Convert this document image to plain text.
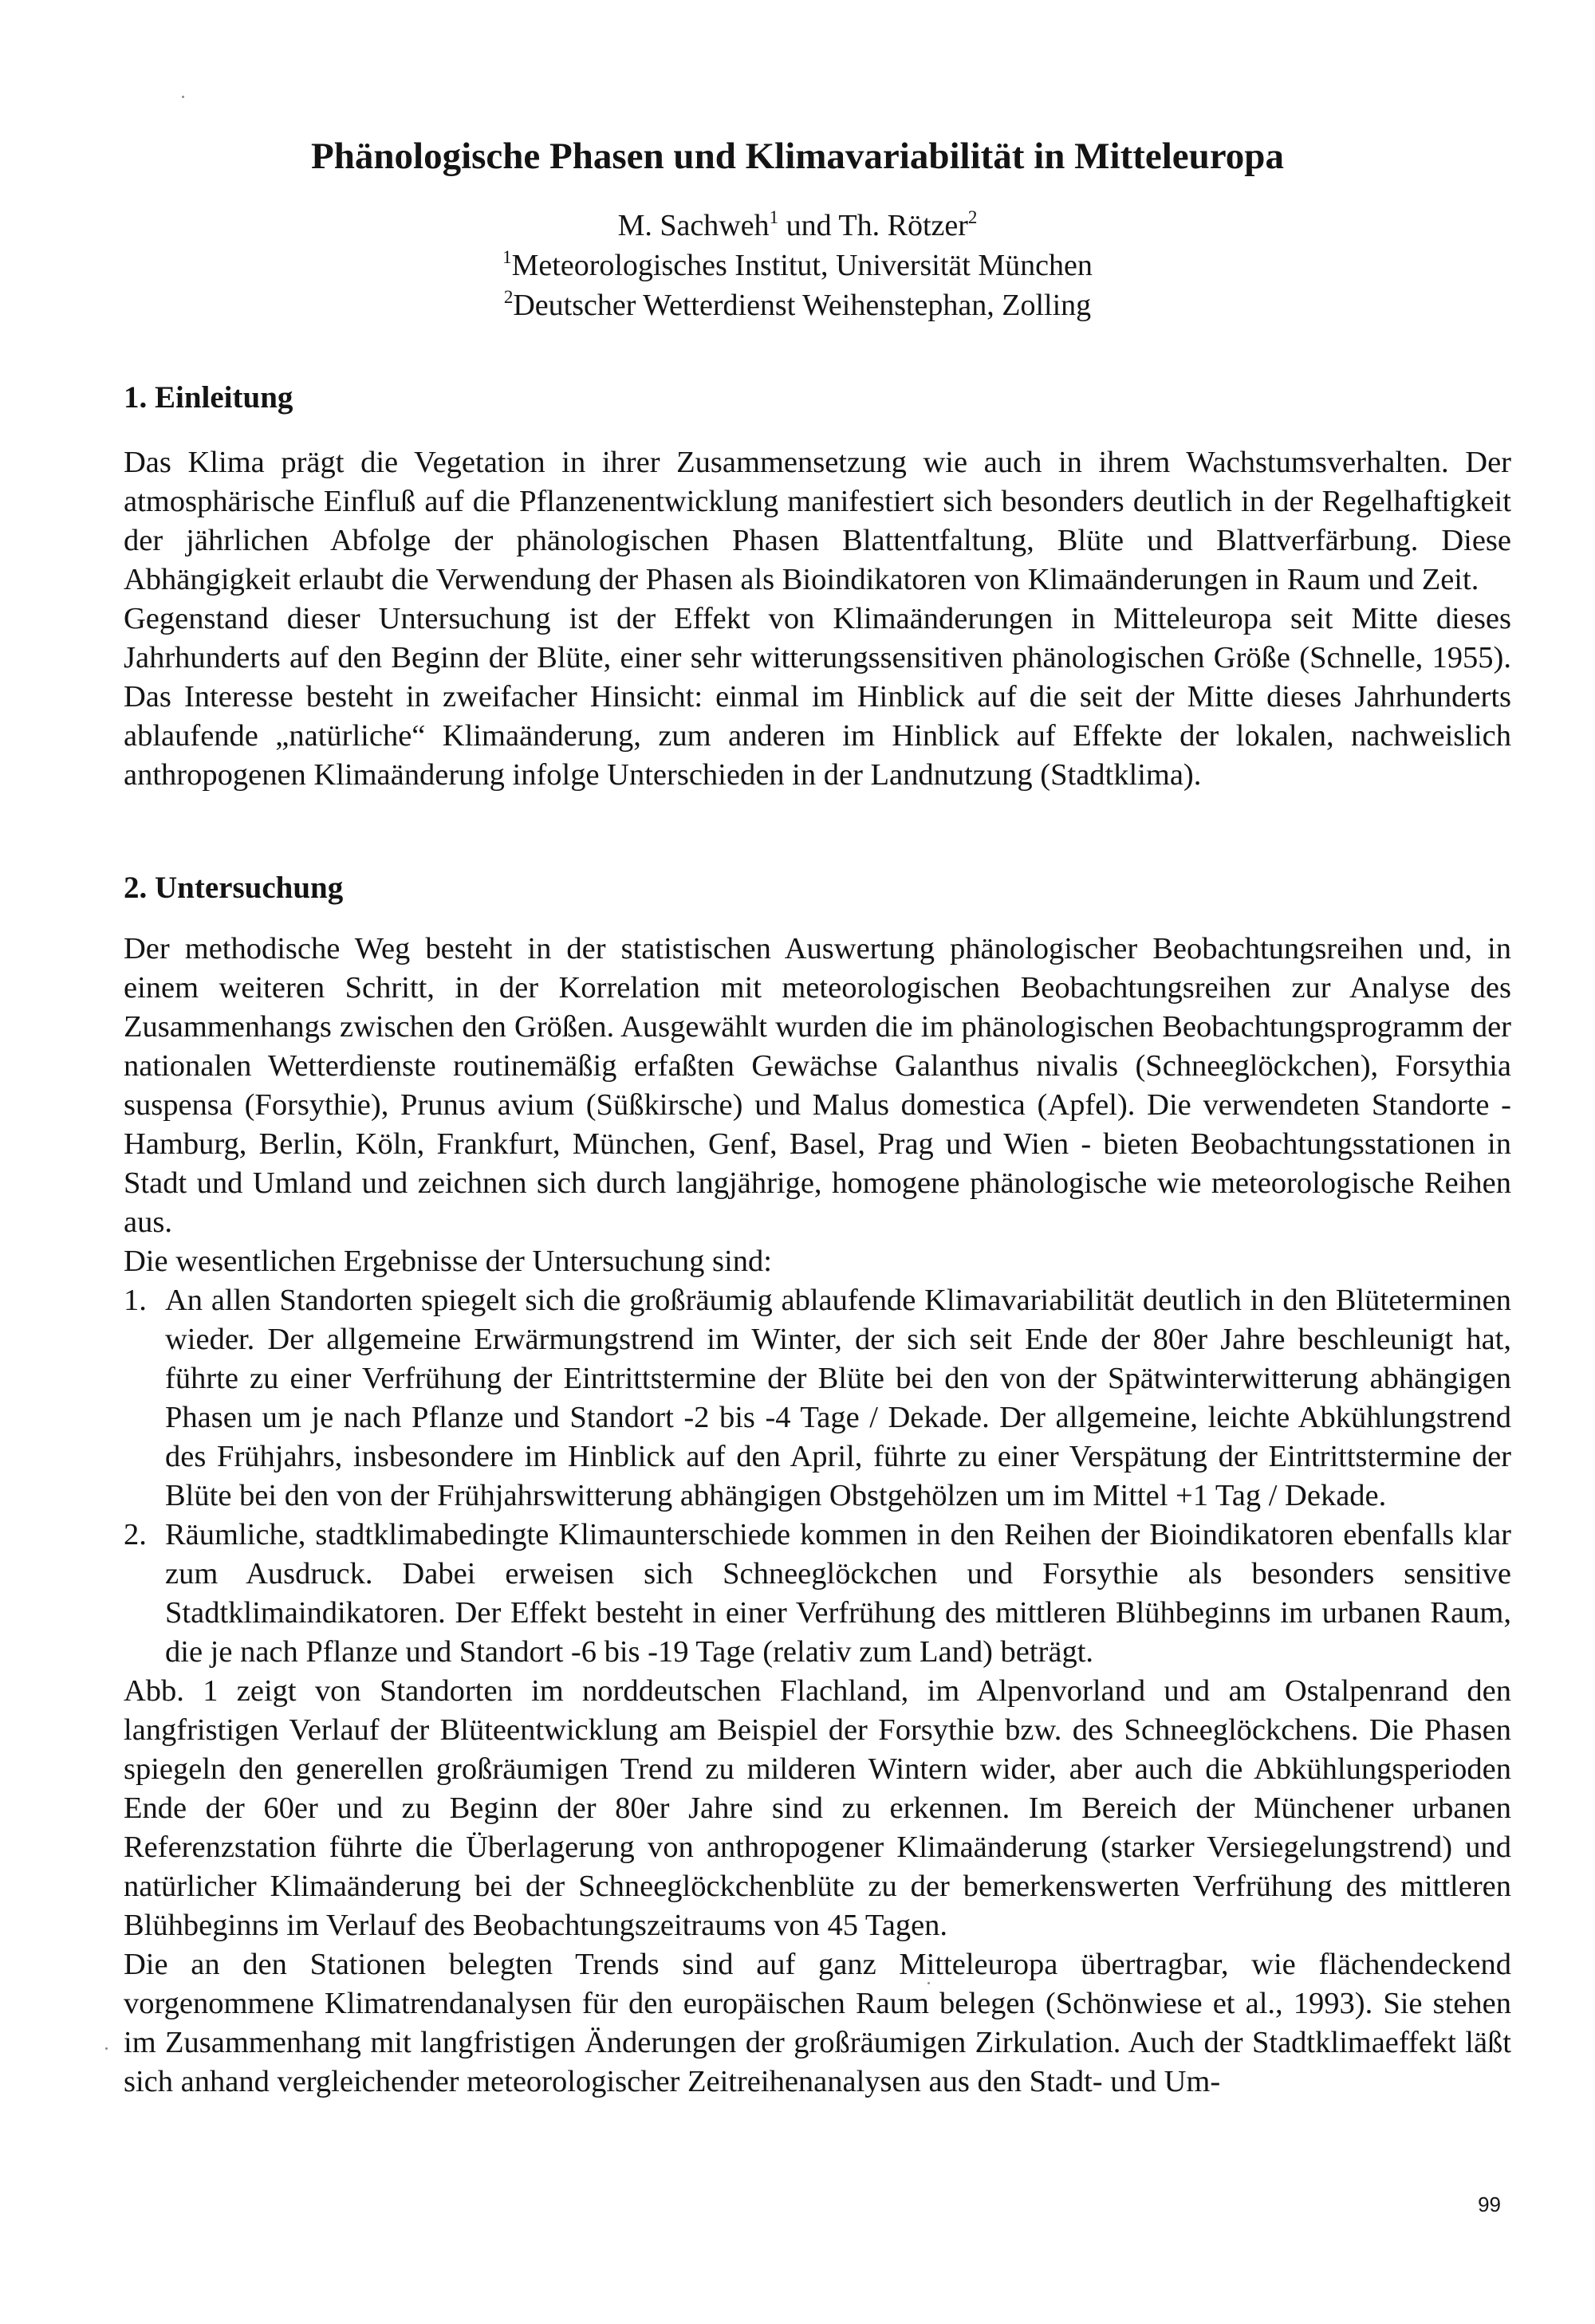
Phänologische Phasen und Klimavariabilität in Mitteleuropa
M. Sachweh$^1$ und Th. Rötzer$^2$
$^1$Meteorologisches Institut, Universität München
$^2$Deutscher Wetterdienst Weihenstephan, Zolling
1. Einleitung

Das Klima prägt die Vegetation in ihrer Zusammensetzung wie auch in ihrem Wachstumsverhalten. Der atmosphärische Einfluß auf die Pflanzenentwicklung manifestiert sich besonders deutlich in der Regelhaftigkeit der jährlichen Abfolge der phänologischen Phasen Blattentfaltung, Blüte und Blattverfärbung. Diese Abhängigkeit erlaubt die Verwendung der Phasen als Bioindikatoren von Klimaänderungen in Raum und Zeit.

Gegenstand dieser Untersuchung ist der Effekt von Klimaänderungen in Mitteleuropa seit Mitte dieses Jahrhunderts auf den Beginn der Blüte, einer sehr witterungssensitiven phänologischen Größe (Schnelle, 1955). Das Interesse besteht in zweifacher Hinsicht: einmal im Hinblick auf die seit der Mitte dieses Jahrhunderts ablaufende „natürliche“ Klimaänderung, zum anderen im Hinblick auf Effekte der lokalen, nachweislich anthropogenen Klimaänderung infolge Unterschieden in der Landnutzung (Stadtklima).

2. Untersuchung

Der methodische Weg besteht in der statistischen Auswertung phänologischer Beobachtungsreihen und, in einem weiteren Schritt, in der Korrelation mit meteorologischen Beobachtungsreihen zur Analyse des Zusammenhangs zwischen den Größen. Ausgewählt wurden die im phänologischen Beobachtungsprogramm der nationalen Wetterdienste routinemäßig erfaßten Gewächse Galanthus nivalis (Schneeglöckchen), Forsythia suspensa (Forsythie), Prunus avium (Süßkirsche) und Malus domestica (Apfel). Die verwendeten Standorte - Hamburg, Berlin, Köln, Frankfurt, München, Genf, Basel, Prag und Wien - bieten Beobachtungsstationen in Stadt und Umland und zeichnen sich durch langjährige, homogene phänologische wie meteorologische Reihen aus.

Die wesentlichen Ergebnisse der Untersuchung sind:

1. An allen Standorten spiegelt sich die großräumig ablaufende Klimavariabilität deutlich in den Blüteterminen wieder. Der allgemeine Erwärmungstrend im Winter, der sich seit Ende der 80er Jahre beschleunigt hat, führte zu einer Verfrühung der Eintrittstermine der Blüte bei den von der Spätwinterwitterung abhängigen Phasen um je nach Pflanze und Standort -2 bis -4 Tage / Dekade. Der allgemeine, leichte Abkühlungstrend des Frühjahrs, insbesondere im Hinblick auf den April, führte zu einer Verspätung der Eintrittstermine der Blüte bei den von der Frühjahrswitterung abhängigen Obstgehölzen um im Mittel +1 Tag / Dekade.
2. Räumliche, stadtklimabedingte Klimaunterschiede kommen in den Reihen der Bioindikatoren ebenfalls klar zum Ausdruck. Dabei erweisen sich Schneeglöckchen und Forsythie als besonders sensitive Stadtklimaindikatoren. Der Effekt besteht in einer Verfrühung des mittleren Blühbeginns im urbanen Raum, die je nach Pflanze und Standort -6 bis -19 Tage (relativ zum Land) beträgt.

Abb. 1 zeigt von Standorten im norddeutschen Flachland, im Alpenvorland und am Ostalpenrand den langfristigen Verlauf der Blüteentwicklung am Beispiel der Forsythie bzw. des Schneeglöckchens. Die Phasen spiegeln den generellen großräumigen Trend zu milderen Wintern wider, aber auch die Abkühlungsperioden Ende der 60er und zu Beginn der 80er Jahre sind zu erkennen. Im Bereich der Münchener urbanen Referenzstation führte die Überlagerung von anthropogener Klimaänderung (starker Versiegelungstrend) und natürlicher Klimaänderung bei der Schneeglöckchenblüte zu der bemerkenswerten Verfrühung des mittleren Blühbeginns im Verlauf des Beobachtungszeitraums von 45 Tagen.

Die an den Stationen belegten Trends sind auf ganz Mitteleuropa übertragbar, wie flächendeckend vorgenommene Klimatrendanalysen für den europäischen Raum belegen (Schönwiese et al., 1993). Sie stehen im Zusammenhang mit langfristigen Änderungen der großräumigen Zirkulation. Auch der Stadtklimaeffekt läßt sich anhand vergleichender meteorologischer Zeitreihenanalysen aus den Stadt- und Um-

99
